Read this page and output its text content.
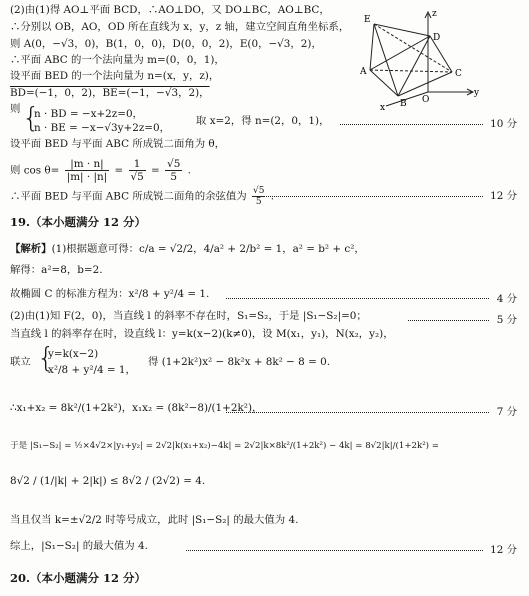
(2)由(1)得 AO⊥平面 BCD，∴AO⊥DO，又 DO⊥BC，AO⊥BC，
∴分别以 OB，AO，OD 所在直线为 x，y，z 轴，建立空间直角坐标系，
则 A(0，−√3，0)，B(1，0，0)，D(0，0，2)，E(0，−√3，2)，
∴平面 ABC 的一个法向量为 m=(0，0，1)，
设平面 BED 的一个法向量为 n=(x，y，z)，
BD=(−1，0，2)，BE=(−1，−√3，2)，
则 {
n · BD = −x+2z=0，
n · BE = −x−√3y+2z=0，
取 x=2，得 n=(2，0，1)，	10 分
设平面 BED 与平面 ABC 所成锐二面角为 θ，
则 $\cos \theta= \frac{|m \cdot n|}{|m| \cdot |n|} = \frac{1}{√5} = \frac{√5}{5}$ .
∴平面 BED 与平面 ABC 所成锐二面角的余弦值为 $\frac{√5}{5}$ .	12 分
E
z
D
A	C
B O
y
x
19.（本小题满分 12 分）
【解析】(1)根据题意可得：c/a = √2/2，4/a² + 2/b² = 1，a² = b² + c²，
解得：a²=8，b=2.
故椭圆 C 的标准方程为：x²/8 + y²/4 = 1.	4 分
(2)由(1)知 F(2，0)，当直线 l 的斜率不存在时，S₁=S₂，于是 |S₁−S₂|=0；	5 分
当直线 l 的斜率存在时，设直线 l：y=k(x−2)(k≠0)，设 M(x₁，y₁)，N(x₂，y₂)，
联立 {
y=k(x−2)
x²/8 + y²/4 = 1，
得 (1+2k²)x² − 8k²x + 8k² − 8 = 0.
∴x₁+x₂ = 8k²/(1+2k²)，x₁x₂ = (8k²−8)/(1+2k²)，	7 分
于是 |S₁−S₂| = ½×4√2×|y₁+y₂| = 2√2|k(x₁+x₂)−4k| = 2√2|k×8k²/(1+2k²) − 4k| = 8√2|k|/(1+2k²) =
8√2 / (1/|k| + 2|k|) ≤ 8√2 / (2√2) = 4.
当且仅当 k=±√2/2 时等号成立，此时 |S₁−S₂| 的最大值为 4.
综上，|S₁−S₂| 的最大值为 4.	12 分
20.（本小题满分 12 分）
